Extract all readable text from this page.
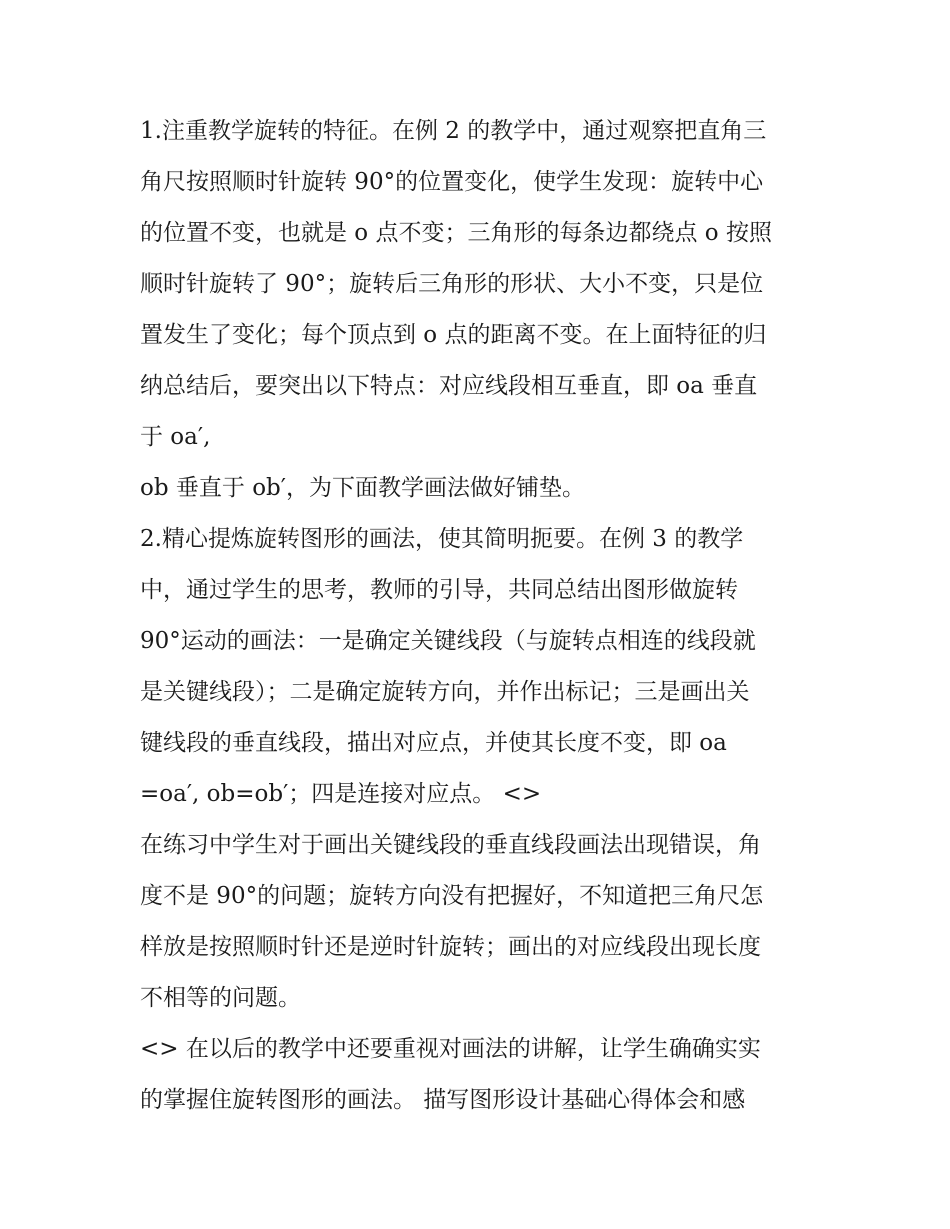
1.注重教学旋转的特征。在例 2 的教学中，通过观察把直角三
角尺按照顺时针旋转 90°的位置变化，使学生发现：旋转中心
的位置不变，也就是 o 点不变；三角形的每条边都绕点 o 按照
顺时针旋转了 90°；旋转后三角形的形状、大小不变，只是位
置发生了变化；每个顶点到 o 点的距离不变。在上面特征的归
纳总结后，要突出以下特点：对应线段相互垂直，即 oa 垂直
于 oa′,
ob 垂直于 ob′，为下面教学画法做好铺垫。
2.精心提炼旋转图形的画法，使其简明扼要。在例 3 的教学
中，通过学生的思考，教师的引导，共同总结出图形做旋转
90°运动的画法：一是确定关键线段（与旋转点相连的线段就
是关键线段）；二是确定旋转方向，并作出标记；三是画出关
键线段的垂直线段，描出对应点，并使其长度不变，即 oa
=oa′, ob=ob′；四是连接对应点。 <>
在练习中学生对于画出关键线段的垂直线段画法出现错误，角
度不是 90°的问题；旋转方向没有把握好，不知道把三角尺怎
样放是按照顺时针还是逆时针旋转；画出的对应线段出现长度
不相等的问题。
<> 在以后的教学中还要重视对画法的讲解，让学生确确实实
的掌握住旋转图形的画法。 描写图形设计基础心得体会和感
